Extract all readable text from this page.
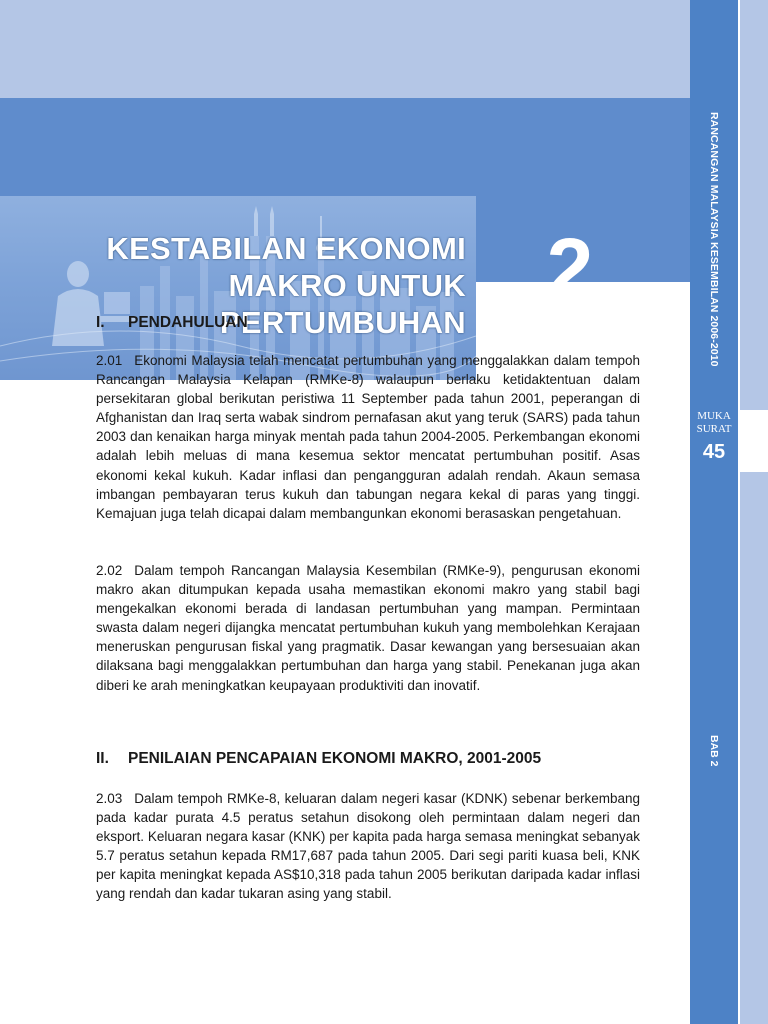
KESTABILAN EKONOMI
MAKRO UNTUK
PERTUMBUHAN
2	RANCANGAN MALAYSIA KESEMBILAN 2006-2010
MUKA
SURAT
45
BAB 2
I. PENDAHULUAN

2.01 Ekonomi Malaysia telah mencatat pertumbuhan yang menggalakkan dalam tempoh Rancangan Malaysia Kelapan (RMKe-8) walaupun berlaku ketidaktentuan dalam persekitaran global berikutan peristiwa 11 September pada tahun 2001, peperangan di Afghanistan dan Iraq serta wabak sindrom pernafasan akut yang teruk (SARS) pada tahun 2003 dan kenaikan harga minyak mentah pada tahun 2004-2005. Perkembangan ekonomi adalah lebih meluas di mana kesemua sektor mencatat pertumbuhan positif. Asas ekonomi kekal kukuh. Kadar inflasi dan pengangguran adalah rendah. Akaun semasa imbangan pembayaran terus kukuh dan tabungan negara kekal di paras yang tinggi. Kemajuan juga telah dicapai dalam membangunkan ekonomi berasaskan pengetahuan.

2.02 Dalam tempoh Rancangan Malaysia Kesembilan (RMKe-9), pengurusan ekonomi makro akan ditumpukan kepada usaha memastikan ekonomi makro yang stabil bagi mengekalkan ekonomi berada di landasan pertumbuhan yang mampan. Permintaan swasta dalam negeri dijangka mencatat pertumbuhan kukuh yang membolehkan Kerajaan meneruskan pengurusan fiskal yang pragmatik. Dasar kewangan yang bersesuaian akan dilaksana bagi menggalakkan pertumbuhan dan harga yang stabil. Penekanan juga akan diberi ke arah meningkatkan keupayaan produktiviti dan inovatif.

II. PENILAIAN PENCAPAIAN EKONOMI MAKRO, 2001-2005

2.03 Dalam tempoh RMKe-8, keluaran dalam negeri kasar (KDNK) sebenar berkembang pada kadar purata 4.5 peratus setahun disokong oleh permintaan dalam negeri dan eksport. Keluaran negara kasar (KNK) per kapita pada harga semasa meningkat sebanyak 5.7 peratus setahun kepada RM17,687 pada tahun 2005. Dari segi pariti kuasa beli, KNK per kapita meningkat kepada AS$10,318 pada tahun 2005 berikutan daripada kadar inflasi yang rendah dan kadar tukaran asing yang stabil.
